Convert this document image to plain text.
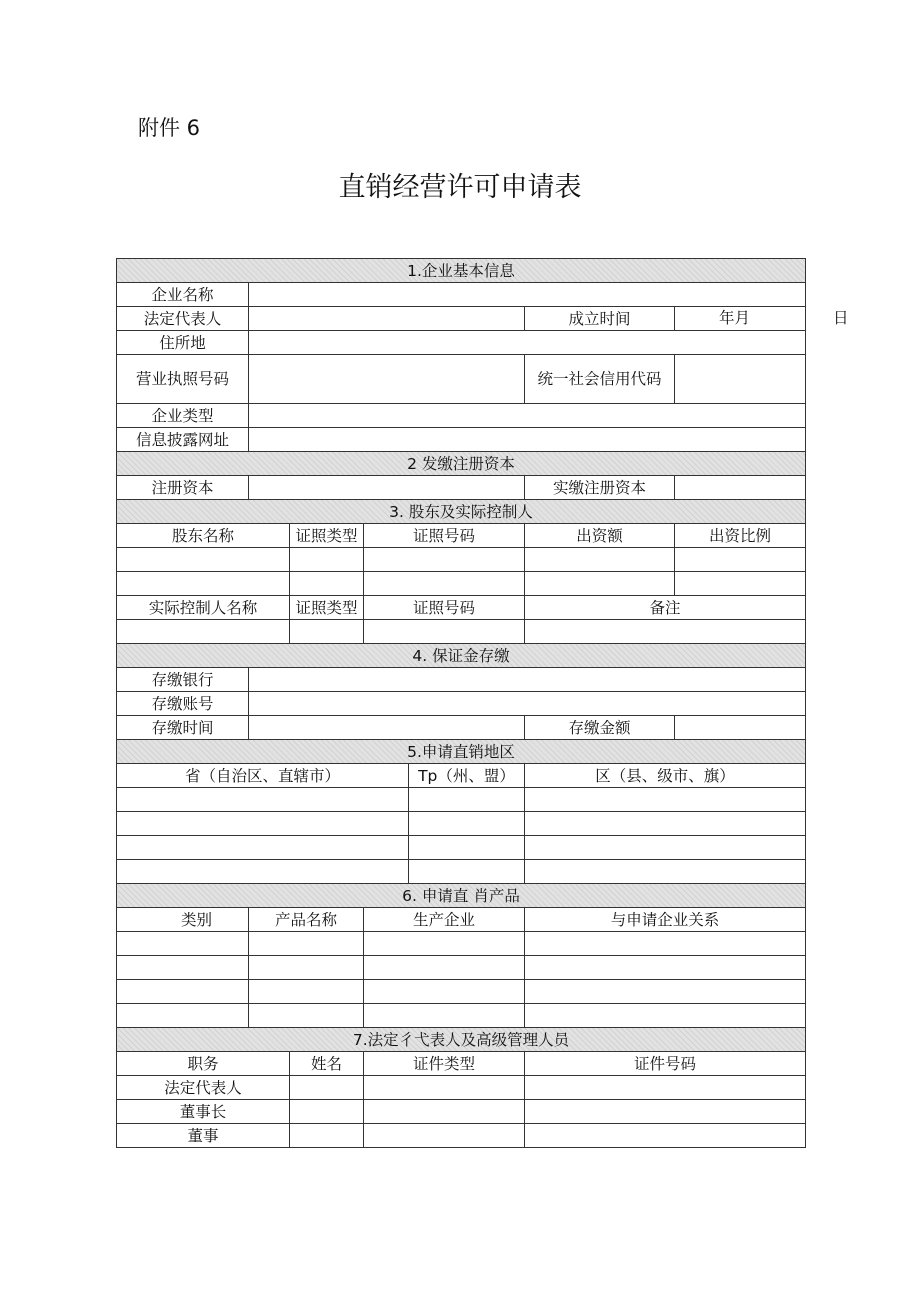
附件 6
直销经营许可申请表
1.企业基本信息						
企业名称						
法定代表人					成立时间	年月 日

住所地						
营业执照号码					统一社会信用代码	
企业类型						
信息披露网址						
2 发缴注册资本						
注册资本					实缴注册资本	
3. 股东及实际控制人						
股东名称		证照类型	证照号码		出资额	出资比例

实际控制人名称		证照类型	证照号码		备注	

4. 保证金存缴						
存缴银行						
存缴账号						
存缴时间					存缴金额	
5.申请直销地区						
省（自治区、直辖市）				Tp（州、盟）	区（县、级市、旗）	

6. 申请直 肖产品						
类别	产品名称		生产企业		与申请企业关系	

7.法定彳弋表人及高级管理人员						
职务		姓名	证件类型		证件号码	
法定代表人						
董事长						
董事						
